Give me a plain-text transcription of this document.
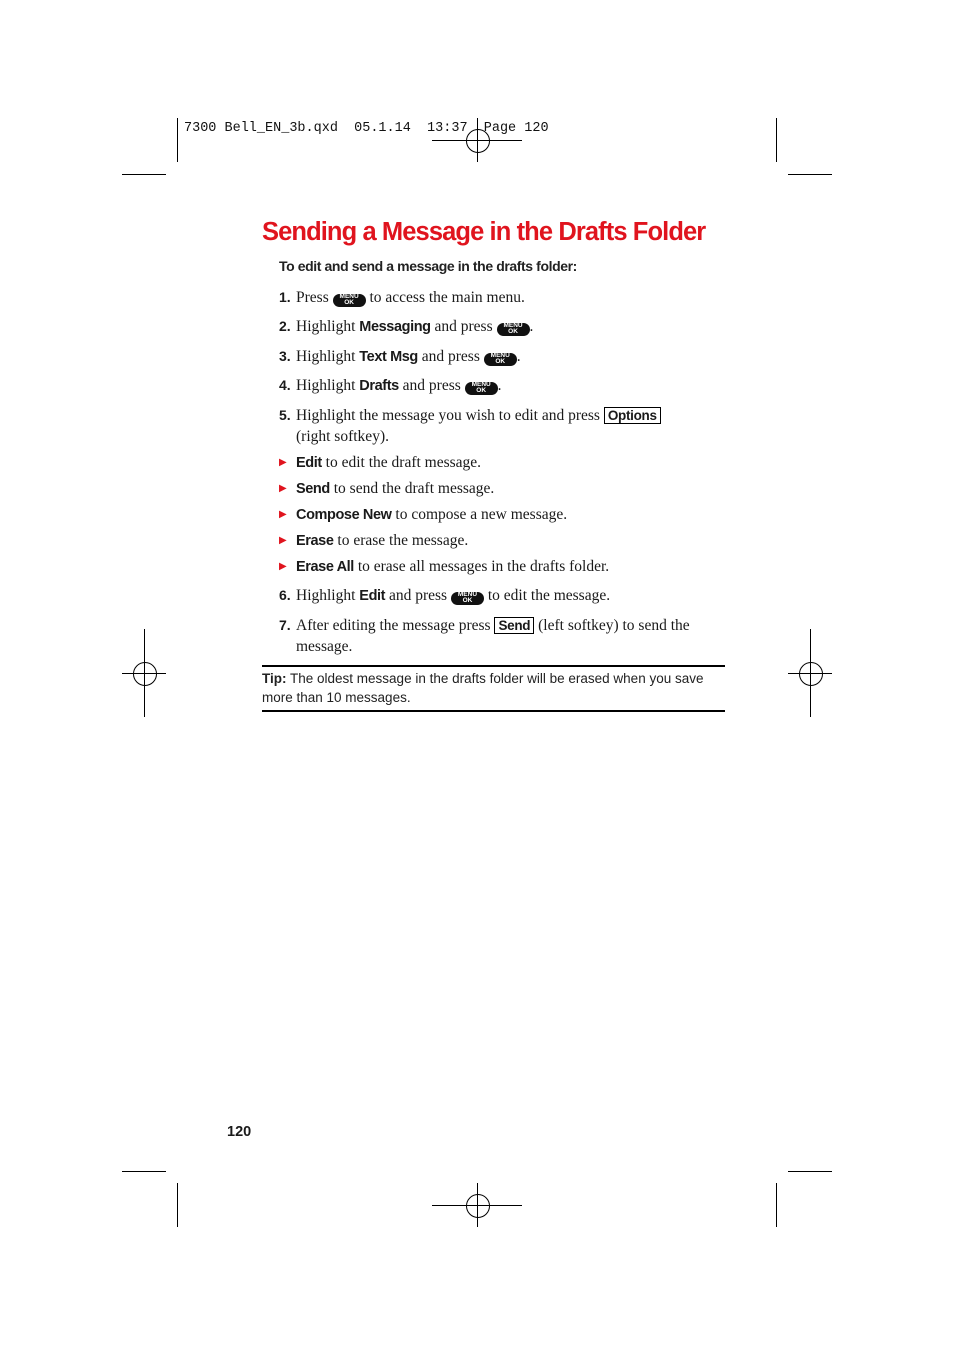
7300 Bell_EN_3b.qxd  05.1.14  13:37  Page 120
Sending a Message in the Drafts Folder
To edit and send a message in the drafts folder:
1. Press	MENU
OK	to access the main menu.
2. Highlight Messaging and press	MENU
OK .
3. Highlight Text Msg and press	MENU
OK .
4. Highlight Drafts and press	MENU
OK .
5. Highlight the message you wish to edit and press Options
(right softkey).
▶ Edit to edit the draft message.
▶ Send to send the draft message.
▶ Compose New to compose a new message.
▶ Erase to erase the message.
▶ Erase All to erase all messages in the drafts folder.
6. Highlight Edit and press	MENU
OK to edit the message.
7. After editing the message press Send (left softkey) to send the
message.
Tip: The oldest message in the drafts folder will be erased when you save more than 10 messages.
120
